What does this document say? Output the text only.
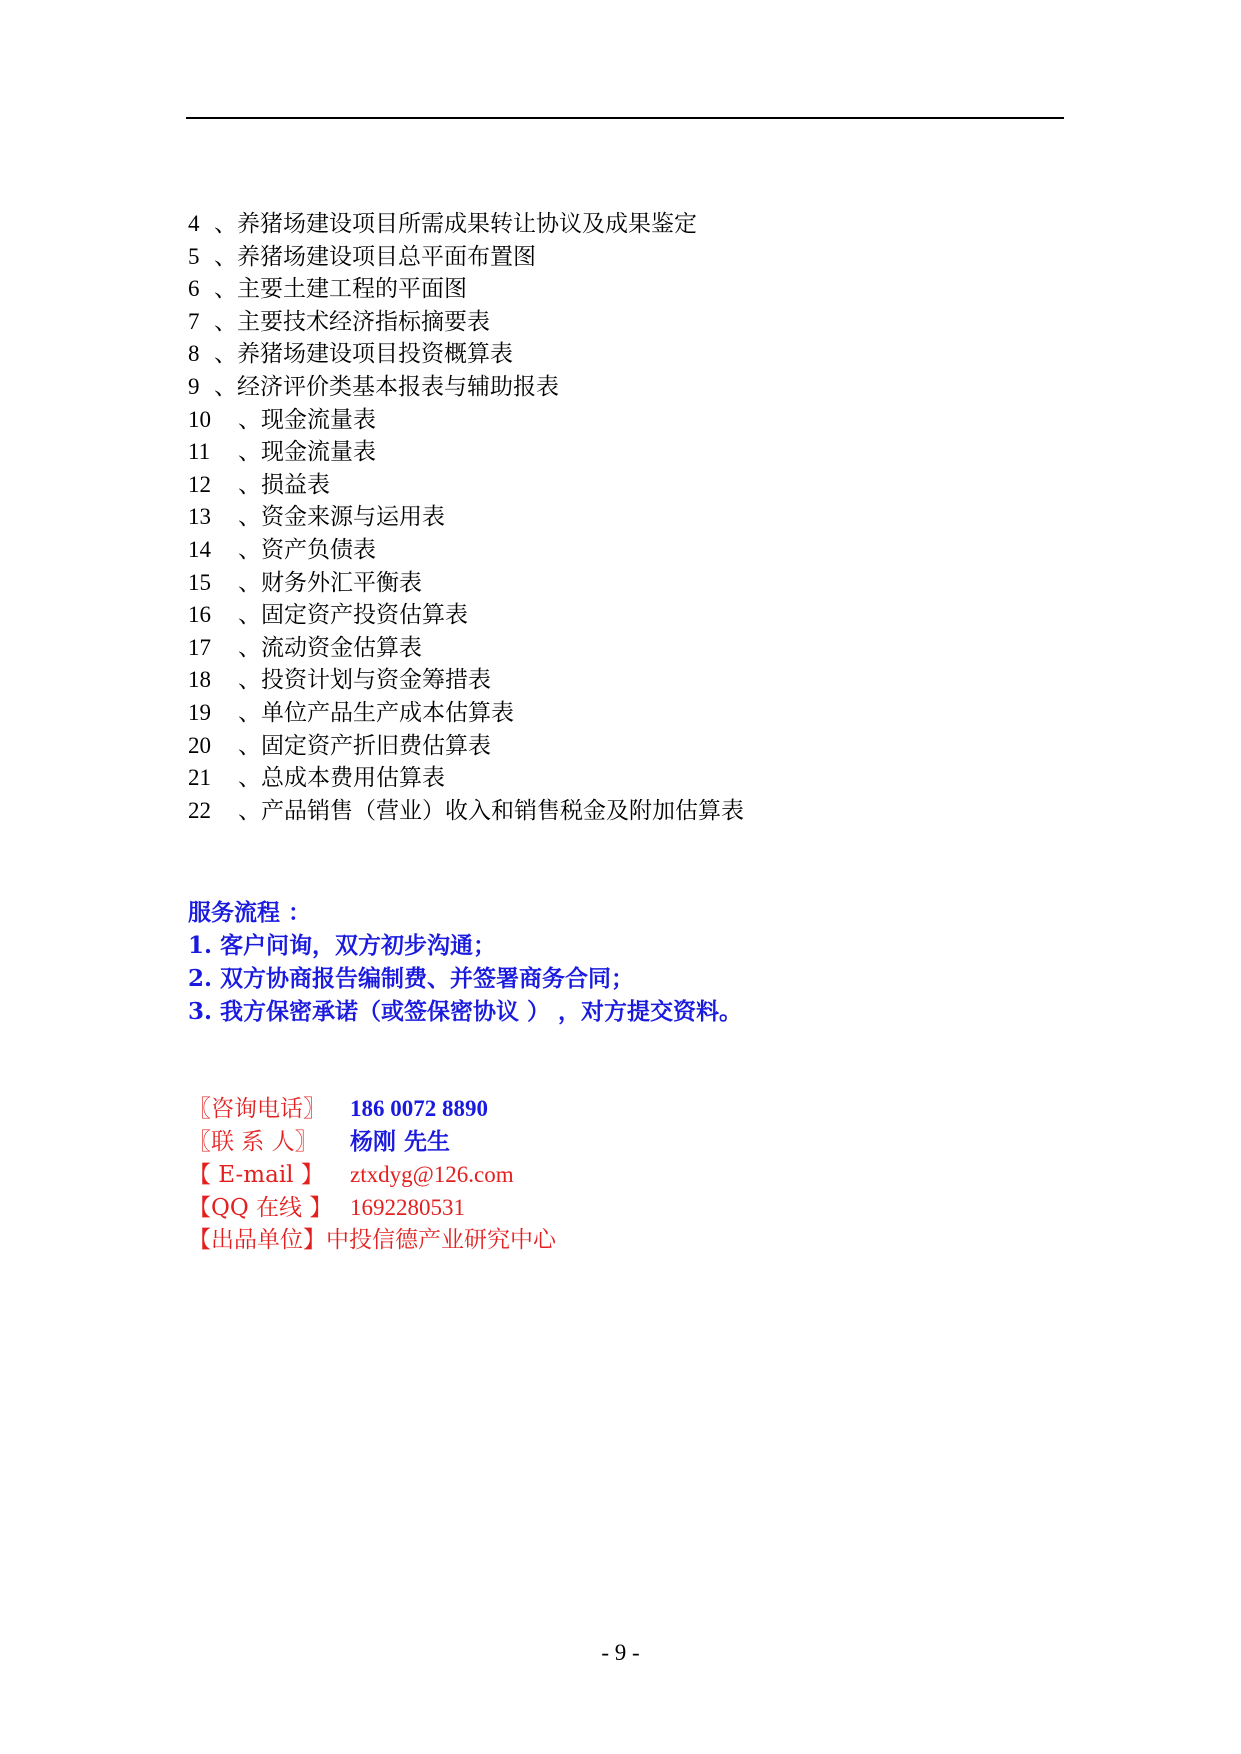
4 、养猪场建设项目所需成果转让协议及成果鉴定
5 、养猪场建设项目总平面布置图
6 、主要土建工程的平面图
7 、主要技术经济指标摘要表
8 、养猪场建设项目投资概算表
9 、经济评价类基本报表与辅助报表
10 、现金流量表
11 、现金流量表
12 、损益表
13 、资金来源与运用表
14 、资产负债表
15 、财务外汇平衡表
16 、固定资产投资估算表
17 、流动资金估算表
18 、投资计划与资金筹措表
19 、单位产品生产成本估算表
20 、固定资产折旧费估算表
21 、总成本费用估算表
22 、产品销售（营业）收入和销售税金及附加估算表
服务流程 ：
1. 客户问询，双方初步沟通；
2. 双方协商报告编制费、并签署商务合同；
3. 我方保密承诺（或签保密协议 ） ，对方提交资料。
〖咨询电话〗 186 0072 8890
〖联 系 人〗 杨刚 先生
【 E-mail 】 ztxdyg@126.com
【QQ 在线 】 1692280531
【出品单位】中投信德产业研究中心
- 9 -
